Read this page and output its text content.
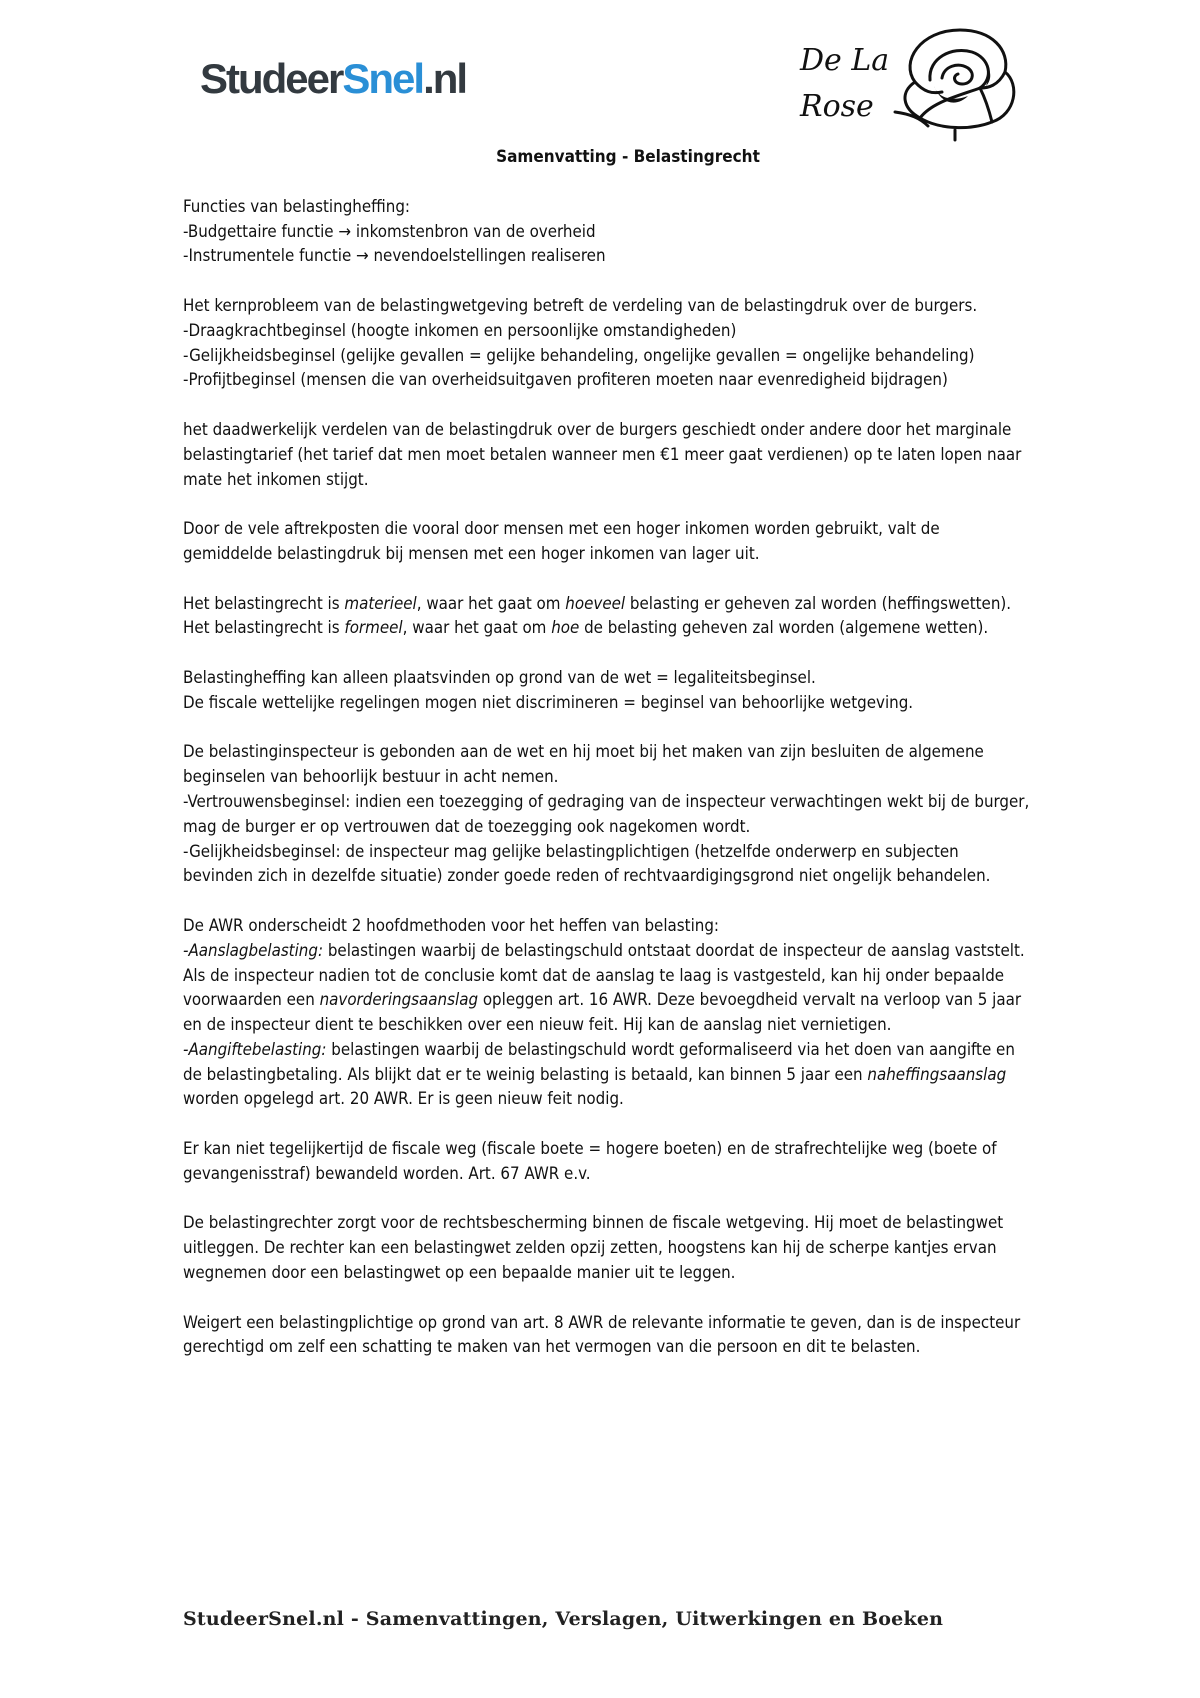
StudeerSnel.nl	De La
Rose
Samenvatting - Belastingrecht

Functies van belastingheffing:
-Budgettaire functie → inkomstenbron van de overheid
-Instrumentele functie → nevendoelstellingen realiseren

Het kernprobleem van de belastingwetgeving betreft de verdeling van de belastingdruk over de burgers.
-Draagkrachtbeginsel (hoogte inkomen en persoonlijke omstandigheden)
-Gelijkheidsbeginsel (gelijke gevallen = gelijke behandeling, ongelijke gevallen = ongelijke behandeling)
-Profijtbeginsel (mensen die van overheidsuitgaven profiteren moeten naar evenredigheid bijdragen)

het daadwerkelijk verdelen van de belastingdruk over de burgers geschiedt onder andere door het marginale belastingtarief (het tarief dat men moet betalen wanneer men €1 meer gaat verdienen) op te laten lopen naar mate het inkomen stijgt.

Door de vele aftrekposten die vooral door mensen met een hoger inkomen worden gebruikt, valt de gemiddelde belastingdruk bij mensen met een hoger inkomen van lager uit.

Het belastingrecht is materieel, waar het gaat om hoeveel belasting er geheven zal worden (heffingswetten).
Het belastingrecht is formeel, waar het gaat om hoe de belasting geheven zal worden (algemene wetten).

Belastingheffing kan alleen plaatsvinden op grond van de wet = legaliteitsbeginsel.
De fiscale wettelijke regelingen mogen niet discrimineren = beginsel van behoorlijke wetgeving.

De belastinginspecteur is gebonden aan de wet en hij moet bij het maken van zijn besluiten de algemene beginselen van behoorlijk bestuur in acht nemen.
-Vertrouwensbeginsel: indien een toezegging of gedraging van de inspecteur verwachtingen wekt bij de burger, mag de burger er op vertrouwen dat de toezegging ook nagekomen wordt.
-Gelijkheidsbeginsel: de inspecteur mag gelijke belastingplichtigen (hetzelfde onderwerp en subjecten bevinden zich in dezelfde situatie) zonder goede reden of rechtvaardigingsgrond niet ongelijk behandelen.

De AWR onderscheidt 2 hoofdmethoden voor het heffen van belasting:
-Aanslagbelasting: belastingen waarbij de belastingschuld ontstaat doordat de inspecteur de aanslag vaststelt. Als de inspecteur nadien tot de conclusie komt dat de aanslag te laag is vastgesteld, kan hij onder bepaalde voorwaarden een navorderingsaanslag opleggen art. 16 AWR. Deze bevoegdheid vervalt na verloop van 5 jaar en de inspecteur dient te beschikken over een nieuw feit. Hij kan de aanslag niet vernietigen.
-Aangiftebelasting: belastingen waarbij de belastingschuld wordt geformaliseerd via het doen van aangifte en de belastingbetaling. Als blijkt dat er te weinig belasting is betaald, kan binnen 5 jaar een naheffingsaanslag worden opgelegd art. 20 AWR. Er is geen nieuw feit nodig.

Er kan niet tegelijkertijd de fiscale weg (fiscale boete = hogere boeten) en de strafrechtelijke weg (boete of gevangenisstraf) bewandeld worden. Art. 67 AWR e.v.

De belastingrechter zorgt voor de rechtsbescherming binnen de fiscale wetgeving. Hij moet de belastingwet uitleggen. De rechter kan een belastingwet zelden opzij zetten, hoogstens kan hij de scherpe kantjes ervan wegnemen door een belastingwet op een bepaalde manier uit te leggen.

Weigert een belastingplichtige op grond van art. 8 AWR de relevante informatie te geven, dan is de inspecteur gerechtigd om zelf een schatting te maken van het vermogen van die persoon en dit te belasten.

StudeerSnel.nl - Samenvattingen, Verslagen, Uitwerkingen en Boeken
